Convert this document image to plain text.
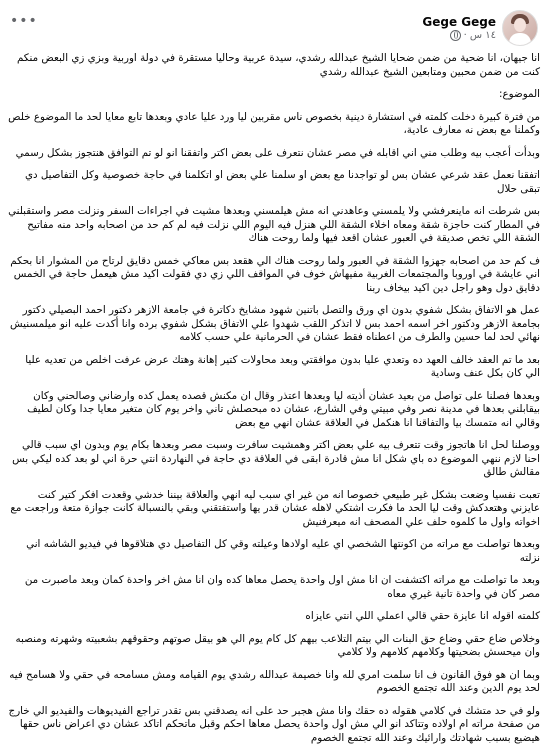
•••	Gege Gege
· ١٤ س

انا جيهان، انا ضحية من ضمن ضحايا الشيخ عبدالله رشدي، سيدة عربية وحاليا مستقرة في دولة اوربية وبزي زي البعض منكم كنت من ضمن محبين ومتابعين الشيخ عبدالله رشدي

الموضوع:

من فترة كبيرة دخلت كلمته في استشارة دينية بخصوص ناس مقربين ليا ورد عليا عادي وبعدها تابع معايا لحد ما الموضوع خلص وكملنا مع بعض نه معارف عادية،

وبدأت أعجب بيه وطلب مني اني اقابله في مصر عشان نتعرف على بعض اكتر واتفقنا انو لو تم التوافق هنتجوز بشكل رسمي

اتفقنا نعمل عقد شرعي عشان بس لو تواجدنا مع بعض او سلمنا علي بعض او اتكلمنا في حاجة خصوصية وكل التفاصيل دي تبقى حلال

بس شرطت انه ماينعرفشي ولا يلمسني وعاهدني انه مش هيلمسني وبعدها مشيت في اجراءات السفر ونزلت مصر واستقبلني في المطار كنت حاجزة شقة ومعاه اخلاء الشقة اللي هنزل فيه اليوم اللي نزلت فيه لم كم حد من اصحابه واحد منه مفاتيح الشقة اللي تخص صديقة في العبور عشان اقعد فيها ولما روحت هناك

ف كم حد من اصحابه جهزوا الشقة في العبور ولما روحت هناك الي هقعد بس معاكي خمس دقايق لرتاح من المشوار انا بحكم اني عايشة في اوروبا والمجتمعات الغربية مفيهاش خوف في المواقف اللي زي دي فقولت اكيد مش هيعمل حاجة في الخمس دقايق دول وهو راجل دين اكيد بيخاف ربنا

عمل هو الاتفاق بشكل شفوي بدون اي ورق والتصل باتنين شهود مشايخ دكاترة في جامعة الازهر دكتور احمد البصيلي دكتور بجامعة الازهر ودكتور اخر اسمه احمد بس لا اتذكر اللقب شهدوا علي الاتفاق بشكل شفوي برده وانا أكدت عليه انو ميلمسنيش نهائي لحد لما حسين والطرف من اعطناه فقط عشان في الحرمانية علي حسب كلامه

بعد ما تم العقد خالف العهد ده وتعدي عليا بدون موافقتي وبعد محاولات كتير إهانة وهتك عرض عرفت اخلص من تعديه عليا الي كان بكل عنف وسادية

وبعدها فصلنا على تواصل من بعيد عشان أذيته ليا وبعدها اعتذر وقال ان مكنش قصده يعمل كده وارضاني وصالحني وكان بيقابلني بعدها في مدينة نصر وفي مبيتي وفي الشارع، عشان ده مبحصلش تاني واخر يوم كان متغير معايا جدا وكان لطيف وقالي انه متمسك بيا والتفاقنا انا هنكمل في العلاقة عشان انهي مع بعض

ووصلنا لحل انا هاتجوز وقت تتعرف بيه علي بعض اكتر وهمشيت سافرت وسبت مصر وبعدها بكام يوم وبدون اي سبب قالي احنا لازم ننهي الموضوع ده باي شكل انا مش قادرة ابقى في العلاقة دي حاجة في النهاردة انتي حرة اني لو بعد كده ليكي بس مقالش طالق

تعبت نفسيا وضعت بشكل غير طبيعي خصوصا انه من غير اي سبب ليه انهي والعلاقة بيننا خدشي وقعدت افكر كتير كنت عايزني وهتعدكش وقت ليا الحد ما فكرت اشتكي لاهله عشان قدر يها واستفتقني وبقي بالنسبالة كانت جوازة متعة وراجعت مع اخواته واول ما كلموه حلف علي المصحف انه ميعرفنيش

وبعدها تواصلت مع مراته من اكونتها الشخصي اي عليه اولادها وعيلته وقي كل التفاصيل دي هتلاقوها في فيديو الشاشه اني نزلته

وبعد ما تواصلت مع مراته اكتشفت ان انا مش اول واحدة يحصل معاها كده وان انا مش اخر واحدة كمان وبعد ماصبرت من مصر كان في واحدة تانية غيري معاه

كلمته اقوله انا عايزة حقي قالي اعملي اللي انتي عايزاه

وخلاص ضاع حقي وضاع حق البنات الي بيتم التلاعب بيهم كل كام يوم الي هو بيقل صوتهم وحقوقهم بشعبيته وشهرته ومنصبه وان ميحسش بضحيتها وكلامهم كلامهم ولا كلامي

وبما ان هو فوق القانون ف انا سلمت امري لله وانا خصيمة عبدالله رشدي يوم القيامه ومش مسامحه في حقي ولا هسامح فيه لحد يوم الدين وعند الله تجتمع الخصوم

ولو في حد متشك في كلامي هقوله ده حقك وانا مش هجبر حد على انه يصدقني بس تقدر تراجع الفيديوهات والفيديو الي خارج من صفحة مراته ام اولاده وتتاكد انو الي مش اول واحدة يحصل معاها احكم وقبل ماتحكم اتاكد عشان دي اعراض ناس حقها هيضيع بسبب شهادتك وارائيك وعند الله تجتمع الخصوم
